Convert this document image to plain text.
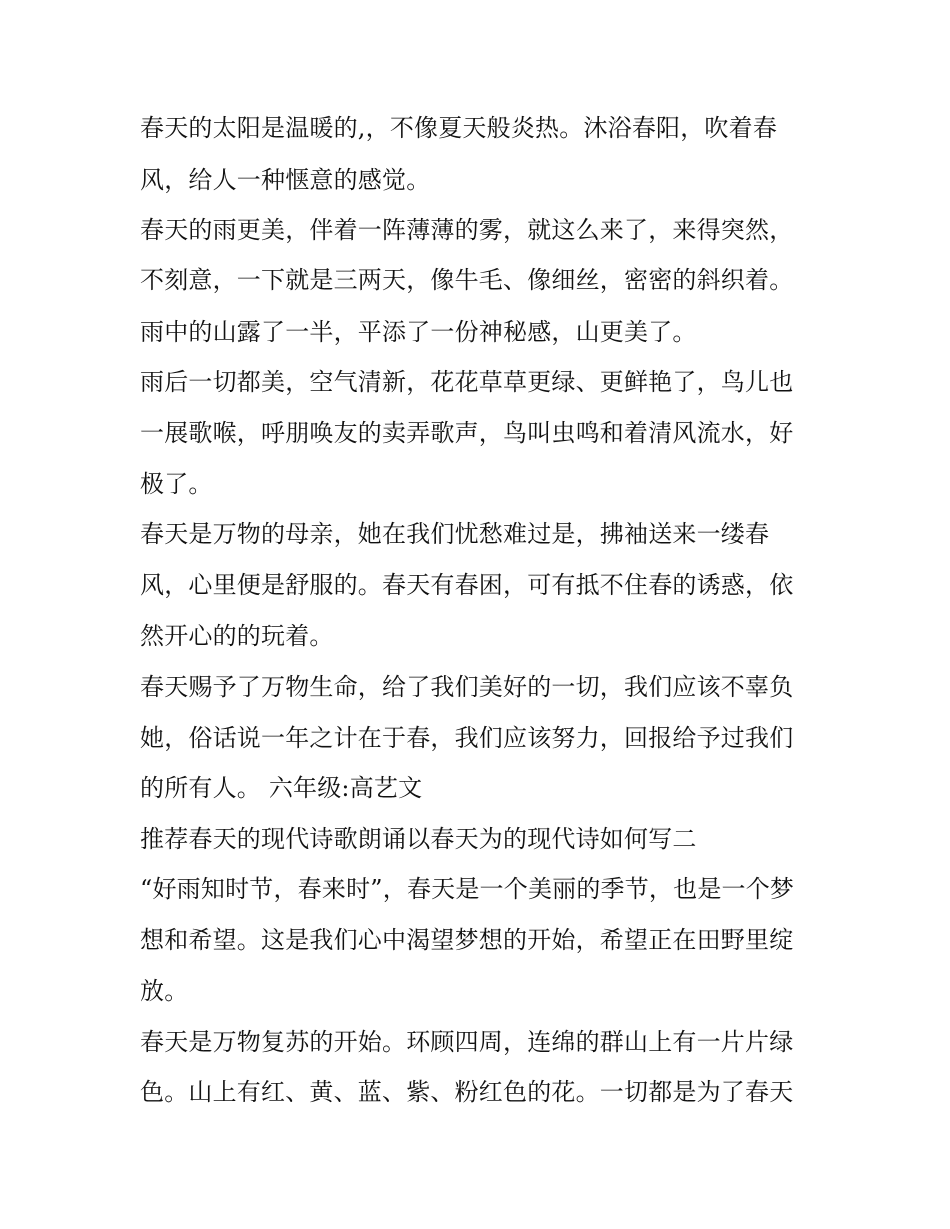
春天的太阳是温暖的,，不像夏天般炎热。沐浴春阳，吹着春
风，给人一种惬意的感觉。
春天的雨更美，伴着一阵薄薄的雾，就这么来了，来得突然，
不刻意，一下就是三两天，像牛毛、像细丝，密密的斜织着。
雨中的山露了一半，平添了一份神秘感，山更美了。
雨后一切都美，空气清新，花花草草更绿、更鲜艳了，鸟儿也
一展歌喉，呼朋唤友的卖弄歌声，鸟叫虫鸣和着清风流水，好
极了。
春天是万物的母亲，她在我们忧愁难过是，拂袖送来一缕春
风，心里便是舒服的。春天有春困，可有抵不住春的诱惑，依
然开心的的玩着。
春天赐予了万物生命，给了我们美好的一切，我们应该不辜负
她，俗话说一年之计在于春，我们应该努力，回报给予过我们
的所有人。 六年级:高艺文
推荐春天的现代诗歌朗诵以春天为的现代诗如何写二
“好雨知时节，春来时”，春天是一个美丽的季节，也是一个梦
想和希望。这是我们心中渴望梦想的开始，希望正在田野里绽
放。
春天是万物复苏的开始。环顾四周，连绵的群山上有一片片绿
色。山上有红、黄、蓝、紫、粉红色的花。一切都是为了春天
